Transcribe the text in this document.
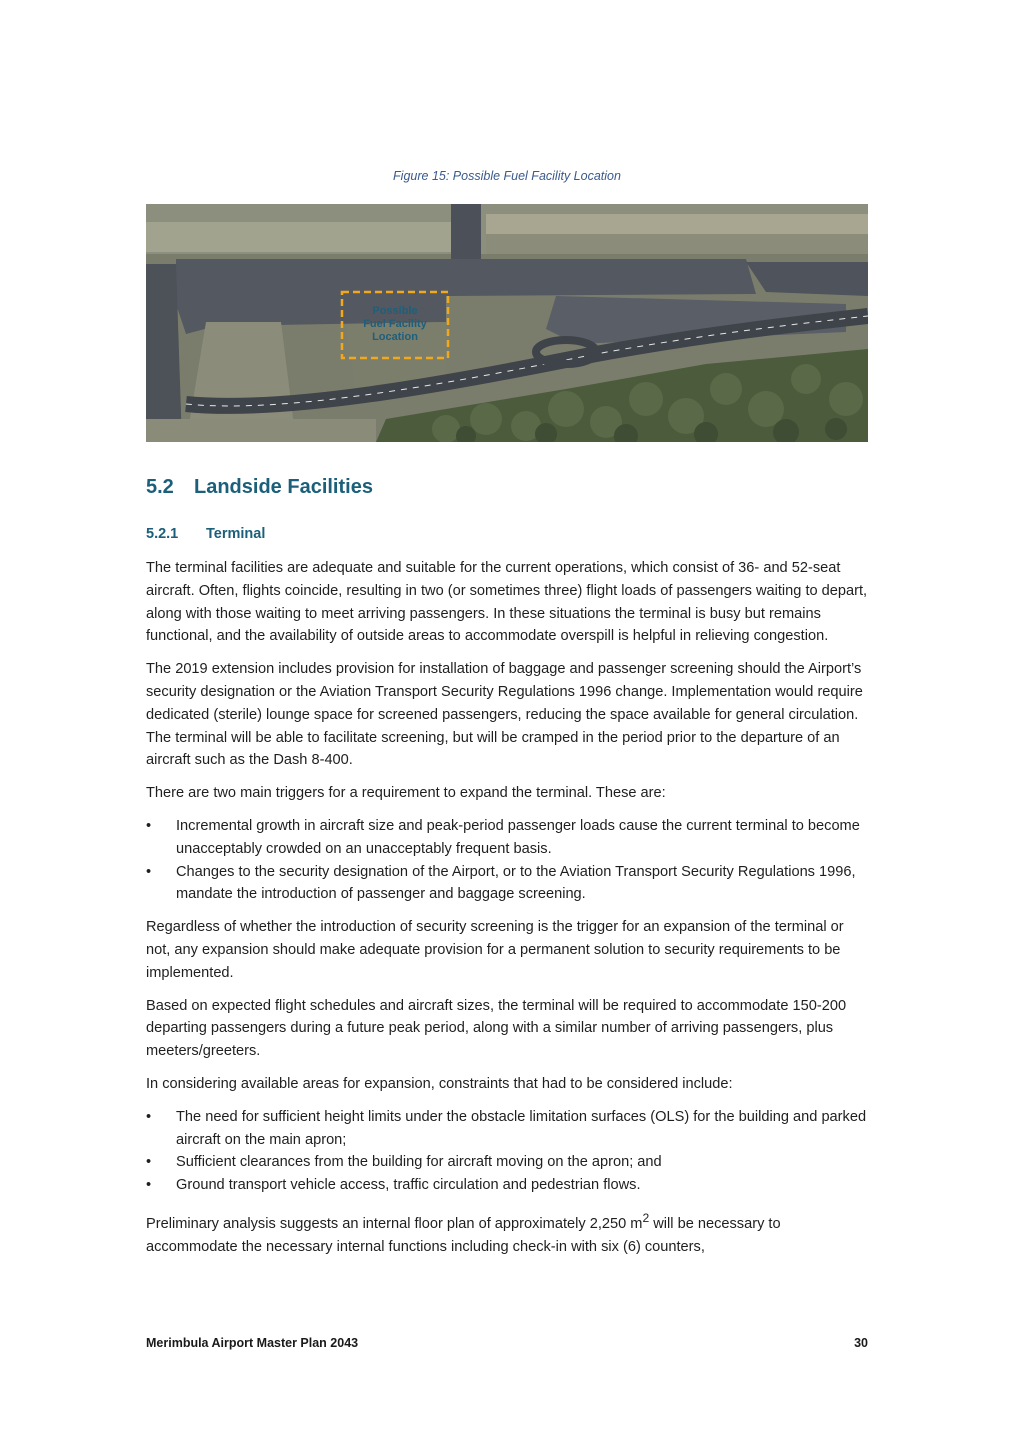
Figure 15: Possible Fuel Facility Location
Possible
Fuel Facility
Location
5.2 Landside Facilities
5.2.1 Terminal

The terminal facilities are adequate and suitable for the current operations, which consist of 36- and 52-seat aircraft. Often, flights coincide, resulting in two (or sometimes three) flight loads of passengers waiting to depart, along with those waiting to meet arriving passengers. In these situations the terminal is busy but remains functional, and the availability of outside areas to accommodate overspill is helpful in relieving congestion.

The 2019 extension includes provision for installation of baggage and passenger screening should the Airport’s security designation or the Aviation Transport Security Regulations 1996 change. Implementation would require dedicated (sterile) lounge space for screened passengers, reducing the space available for general circulation. The terminal will be able to facilitate screening, but will be cramped in the period prior to the departure of an aircraft such as the Dash 8-400.

There are two main triggers for a requirement to expand the terminal. These are:

•	Incremental growth in aircraft size and peak-period passenger loads cause the current terminal to become unacceptably crowded on an unacceptably frequent basis.
•	Changes to the security designation of the Airport, or to the Aviation Transport Security Regulations 1996, mandate the introduction of passenger and baggage screening.

Regardless of whether the introduction of security screening is the trigger for an expansion of the terminal or not, any expansion should make adequate provision for a permanent solution to security requirements to be implemented.

Based on expected flight schedules and aircraft sizes, the terminal will be required to accommodate 150-200 departing passengers during a future peak period, along with a similar number of arriving passengers, plus meeters/greeters.

In considering available areas for expansion, constraints that had to be considered include:

•	The need for sufficient height limits under the obstacle limitation surfaces (OLS) for the building and parked aircraft on the main apron;
•	Sufficient clearances from the building for aircraft moving on the apron; and
•	Ground transport vehicle access, traffic circulation and pedestrian flows.

Preliminary analysis suggests an internal floor plan of approximately 2,250 $m^2$ will be necessary to accommodate the necessary internal functions including check-in with six (6) counters,

Merimbula Airport Master Plan 2043	30
